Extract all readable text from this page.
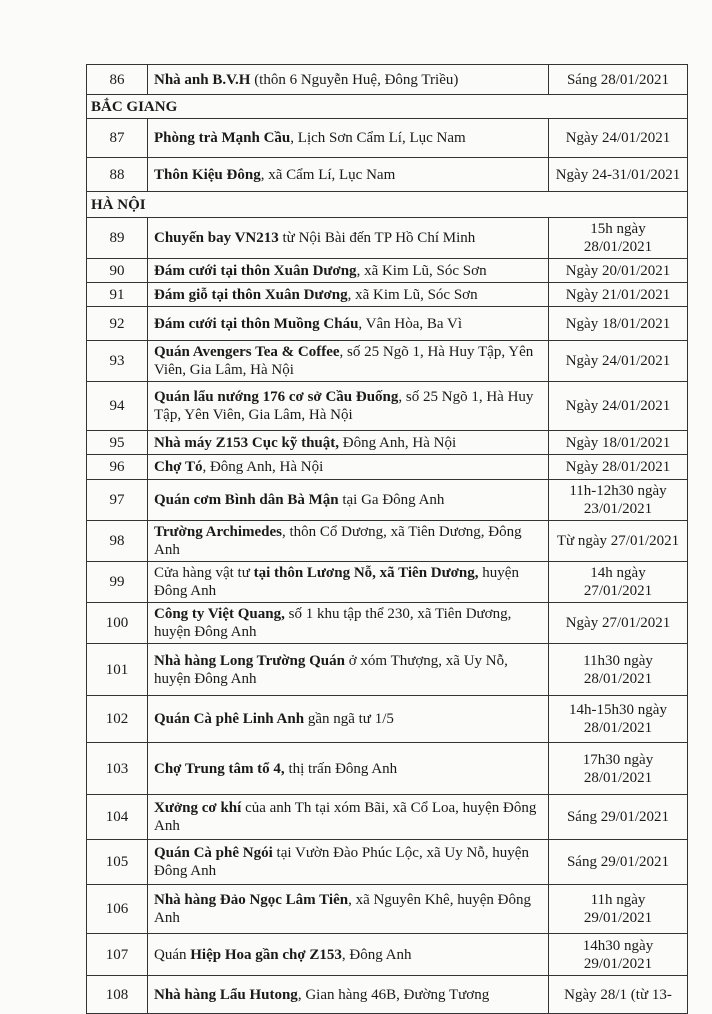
86	Nhà anh B.V.H (thôn 6 Nguyễn Huệ, Đông Triều)	Sáng 28/01/2021
BẮC GIANG		
87	Phòng trà Mạnh Cầu, Lịch Sơn Cẩm Lí, Lục Nam	Ngày 24/01/2021
88	Thôn Kiệu Đông, xã Cẩm Lí, Lục Nam	Ngày 24-31/01/2021
HÀ NỘI		
89	Chuyến bay VN213 từ Nội Bài đến TP Hồ Chí Minh	15h ngày 28/01/2021
90	Đám cưới tại thôn Xuân Dương, xã Kim Lũ, Sóc Sơn	Ngày 20/01/2021
91	Đám giỗ tại thôn Xuân Dương, xã Kim Lũ, Sóc Sơn	Ngày 21/01/2021
92	Đám cưới tại thôn Muồng Cháu, Vân Hòa, Ba Vì	Ngày 18/01/2021
93	Quán Avengers Tea & Coffee, số 25 Ngõ 1, Hà Huy Tập, Yên Viên, Gia Lâm, Hà Nội	Ngày 24/01/2021
94	Quán lẩu nướng 176 cơ sở Cầu Đuống, số 25 Ngõ 1, Hà Huy Tập, Yên Viên, Gia Lâm, Hà Nội	Ngày 24/01/2021
95	Nhà máy Z153 Cục kỹ thuật, Đông Anh, Hà Nội	Ngày 18/01/2021
96	Chợ Tó, Đông Anh, Hà Nội	Ngày 28/01/2021
97	Quán cơm Bình dân Bà Mận tại Ga Đông Anh	11h-12h30 ngày 23/01/2021
98	Trường Archimedes, thôn Cổ Dương, xã Tiên Dương, Đông Anh	Từ ngày 27/01/2021
99	Cửa hàng vật tư tại thôn Lương Nỗ, xã Tiên Dương, huyện Đông Anh	14h ngày 27/01/2021
100	Công ty Việt Quang, số 1 khu tập thể 230, xã Tiên Dương, huyện Đông Anh	Ngày 27/01/2021
101	Nhà hàng Long Trường Quán ở xóm Thượng, xã Uy Nỗ, huyện Đông Anh	11h30 ngày 28/01/2021
102	Quán Cà phê Linh Anh gần ngã tư 1/5	14h-15h30 ngày 28/01/2021
103	Chợ Trung tâm tổ 4, thị trấn Đông Anh	17h30 ngày 28/01/2021
104	Xưởng cơ khí của anh Th tại xóm Bãi, xã Cổ Loa, huyện Đông Anh	Sáng 29/01/2021
105	Quán Cà phê Ngói tại Vườn Đào Phúc Lộc, xã Uy Nỗ, huyện Đông Anh	Sáng 29/01/2021
106	Nhà hàng Đảo Ngọc Lâm Tiên, xã Nguyên Khê, huyện Đông Anh	11h ngày 29/01/2021
107	Quán Hiệp Hoa gần chợ Z153, Đông Anh	14h30 ngày 29/01/2021
108	Nhà hàng Lẩu Hutong, Gian hàng 46B, Đường Tương	Ngày 28/1 (từ 13-
